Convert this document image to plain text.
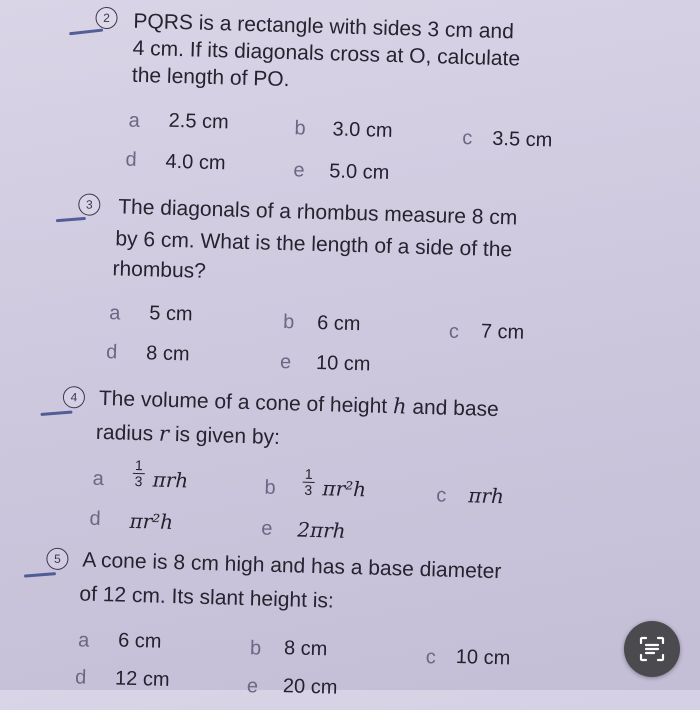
2	PQRS is a rectangle with sides 3 cm and
4 cm. If its diagonals cross at O, calculate
the length of PO.
a 2.5 cm	b 3.0 cm	c 3.5 cm
d 4.0 cm	e 5.0 cm
3	The diagonals of a rhombus measure 8 cm
by 6 cm. What is the length of a side of the
rhombus?
a 5 cm	b 6 cm	c 7 cm
d 8 cm	e 10 cm
4	The volume of a cone of height h and base
radius r is given by:
a $\frac{1}{3}$ πrh	b $\frac{1}{3} \pi r^2h$	c πrh
d πr²h	e 2πrh
5	A cone is 8 cm high and has a base diameter
of 12 cm. Its slant height is:
a 6 cm	b 8 cm	c 10 cm
d 12 cm	e 20 cm
